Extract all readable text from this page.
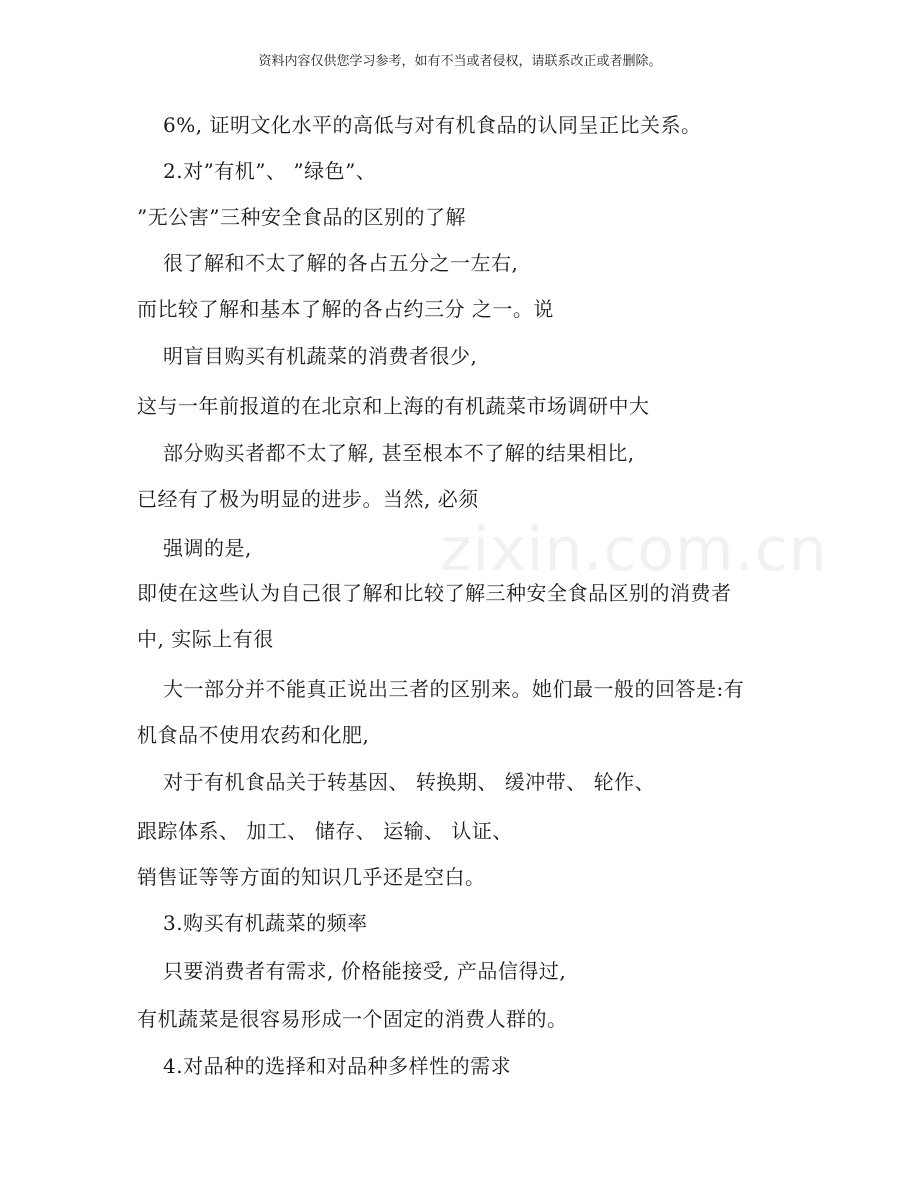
资料内容仅供您学习参考，如有不当或者侵权，请联系改正或者删除。
zixin.com.cn
6%, 证明文化水平的高低与对有机食品的认同呈正比关系。
2.对”有机”、 ”绿色”、
”无公害”三种安全食品的区别的了解
很了解和不太了解的各占五分之一左右,
而比较了解和基本了解的各占约三分 之一。说
明盲目购买有机蔬菜的消费者很少,
这与一年前报道的在北京和上海的有机蔬菜市场调研中大
部分购买者都不太了解, 甚至根本不了解的结果相比,
已经有了极为明显的进步。当然, 必须
强调的是,
即使在这些认为自己很了解和比较了解三种安全食品区别的消费者
中, 实际上有很
大一部分并不能真正说出三者的区别来。她们最一般的回答是:有
机食品不使用农药和化肥,
对于有机食品关于转基因、 转换期、 缓冲带、 轮作、
跟踪体系、 加工、 储存、 运输、 认证、
销售证等等方面的知识几乎还是空白。
3.购买有机蔬菜的频率
只要消费者有需求, 价格能接受, 产品信得过,
有机蔬菜是很容易形成一个固定的消费人群的。
4.对品种的选择和对品种多样性的需求
